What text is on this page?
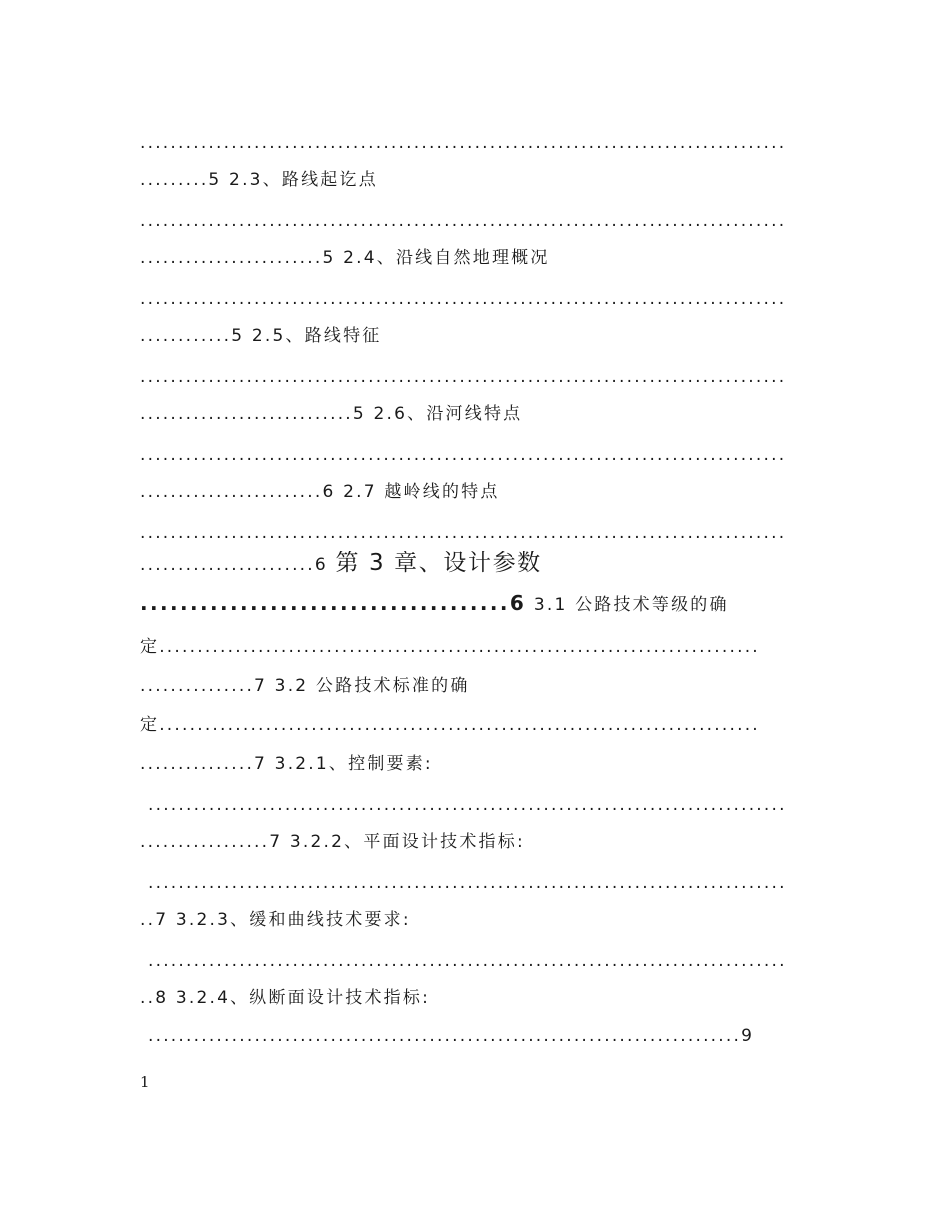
.....................................................................................
.........5 2.3、路线起讫点
.....................................................................................
........................5 2.4、沿线自然地理概况
.....................................................................................
............5 2.5、路线特征
.....................................................................................
............................5 2.6、沿河线特点
.....................................................................................
........................6 2.7 越岭线的特点
.....................................................................................
.......................6 第 3 章、设计参数
.....................................6 3.1 公路技术等级的确
定...............................................................................
...............7 3.2 公路技术标准的确
定...............................................................................
...............7 3.2.1、控制要素:
....................................................................................
.................7 3.2.2、平面设计技术指标:
....................................................................................
..7 3.2.3、缓和曲线技术要求:
....................................................................................
..8 3.2.4、纵断面设计技术指标:
..............................................................................9
1
